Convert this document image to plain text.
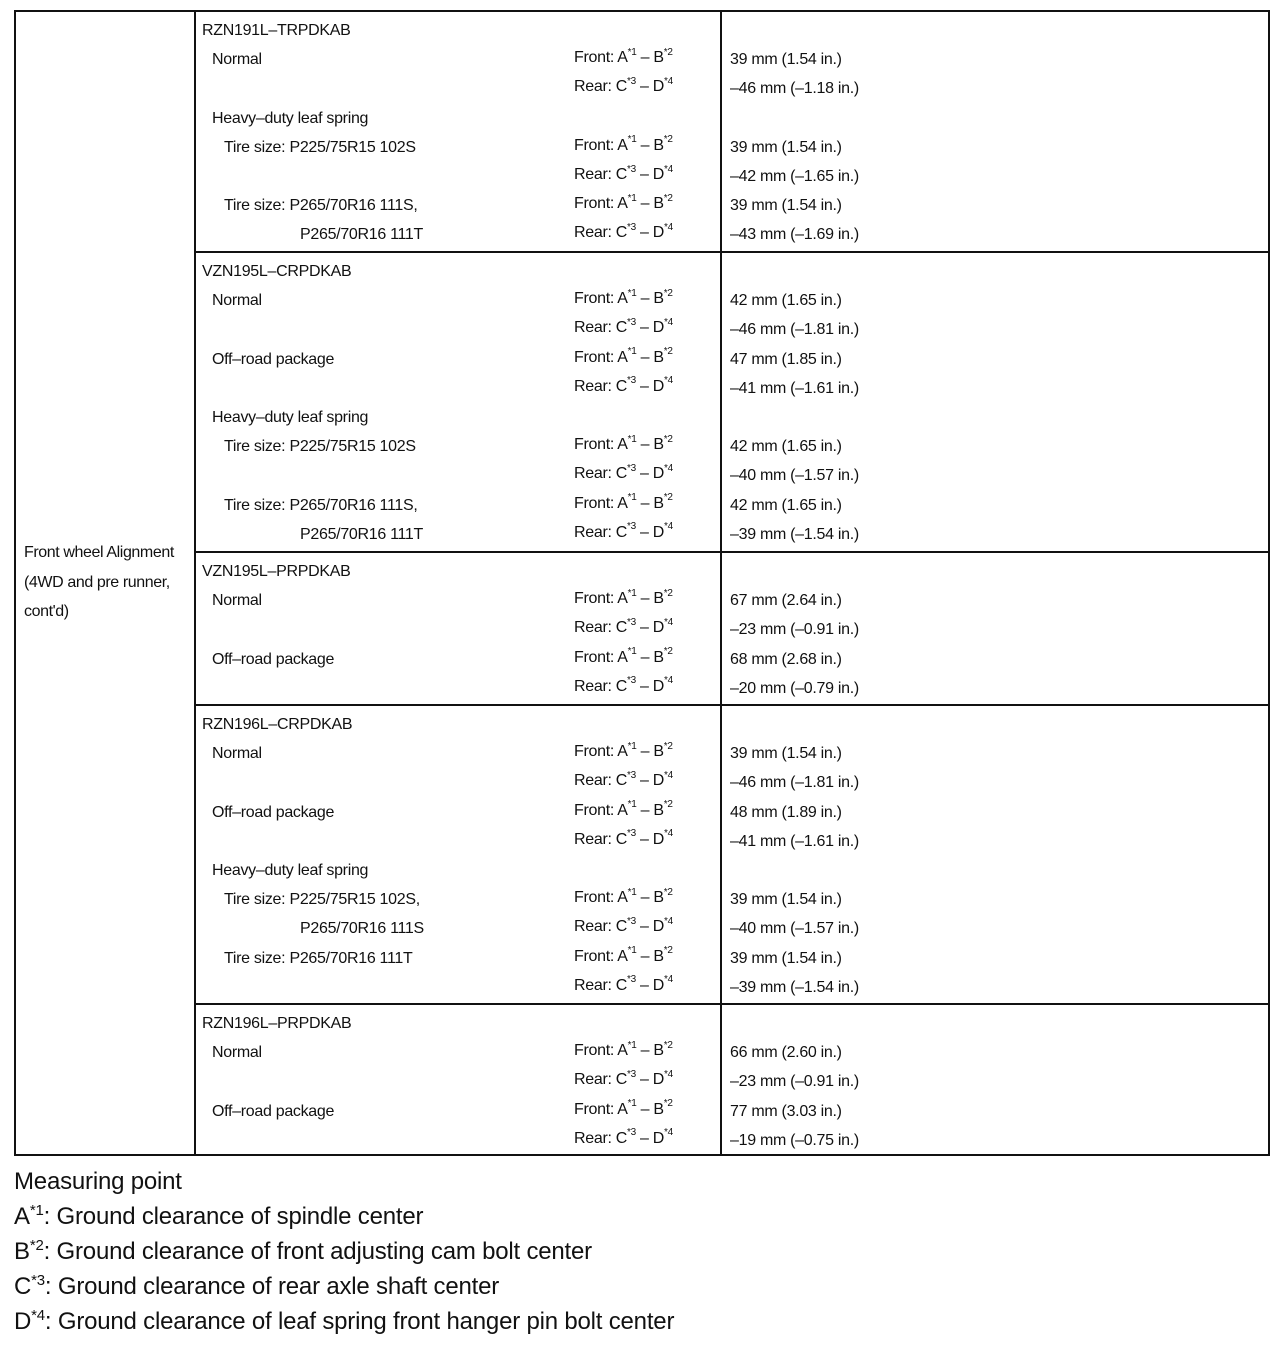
Front wheel Alignment (4WD and pre runner, cont'd)
RZN191L–TRPDKAB
Normal	Front: $A^{*1} - B^{*2}$	39 mm (1.54 in.)
Rear: $C^{*3} - D^{*4}$	–46 mm (–1.18 in.)
Heavy–duty leaf spring
Tire size: P225/75R15 102S	Front: $A^{*1} - B^{*2}$	39 mm (1.54 in.)
Rear: $C^{*3} - D^{*4}$	–42 mm (–1.65 in.)
Tire size: P265/70R16 111S,	Front: $A^{*1} - B^{*2}$	39 mm (1.54 in.)
P265/70R16 111T	Rear: $C^{*3} - D^{*4}$	–43 mm (–1.69 in.)
VZN195L–CRPDKAB
Normal	Front: $A^{*1} - B^{*2}$	42 mm (1.65 in.)
Rear: $C^{*3} - D^{*4}$	–46 mm (–1.81 in.)
Off–road package	Front: $A^{*1} - B^{*2}$	47 mm (1.85 in.)
Rear: $C^{*3} - D^{*4}$	–41 mm (–1.61 in.)
Heavy–duty leaf spring
Tire size: P225/75R15 102S	Front: $A^{*1} - B^{*2}$	42 mm (1.65 in.)
Rear: $C^{*3} - D^{*4}$	–40 mm (–1.57 in.)
Tire size: P265/70R16 111S,	Front: $A^{*1} - B^{*2}$	42 mm (1.65 in.)
P265/70R16 111T	Rear: $C^{*3} - D^{*4}$	–39 mm (–1.54 in.)
VZN195L–PRPDKAB
Normal	Front: $A^{*1} - B^{*2}$	67 mm (2.64 in.)
Rear: $C^{*3} - D^{*4}$	–23 mm (–0.91 in.)
Off–road package	Front: $A^{*1} - B^{*2}$	68 mm (2.68 in.)
Rear: $C^{*3} - D^{*4}$	–20 mm (–0.79 in.)
RZN196L–CRPDKAB
Normal	Front: $A^{*1} - B^{*2}$	39 mm (1.54 in.)
Rear: $C^{*3} - D^{*4}$	–46 mm (–1.81 in.)
Off–road package	Front: $A^{*1} - B^{*2}$	48 mm (1.89 in.)
Rear: $C^{*3} - D^{*4}$	–41 mm (–1.61 in.)
Heavy–duty leaf spring
Tire size: P225/75R15 102S,	Front: $A^{*1} - B^{*2}$	39 mm (1.54 in.)
P265/70R16 111S	Rear: $C^{*3} - D^{*4}$	–40 mm (–1.57 in.)
Tire size: P265/70R16 111T	Front: $A^{*1} - B^{*2}$	39 mm (1.54 in.)
Rear: $C^{*3} - D^{*4}$	–39 mm (–1.54 in.)
RZN196L–PRPDKAB
Normal	Front: $A^{*1} - B^{*2}$	66 mm (2.60 in.)
Rear: $C^{*3} - D^{*4}$	–23 mm (–0.91 in.)
Off–road package	Front: $A^{*1} - B^{*2}$	77 mm (3.03 in.)
Rear: $C^{*3} - D^{*4}$	–19 mm (–0.75 in.)
Measuring point
$A^{*1}$: Ground clearance of spindle center
$B^{*2}$: Ground clearance of front adjusting cam bolt center
$C^{*3}$: Ground clearance of rear axle shaft center
$D^{*4}$: Ground clearance of leaf spring front hanger pin bolt center
